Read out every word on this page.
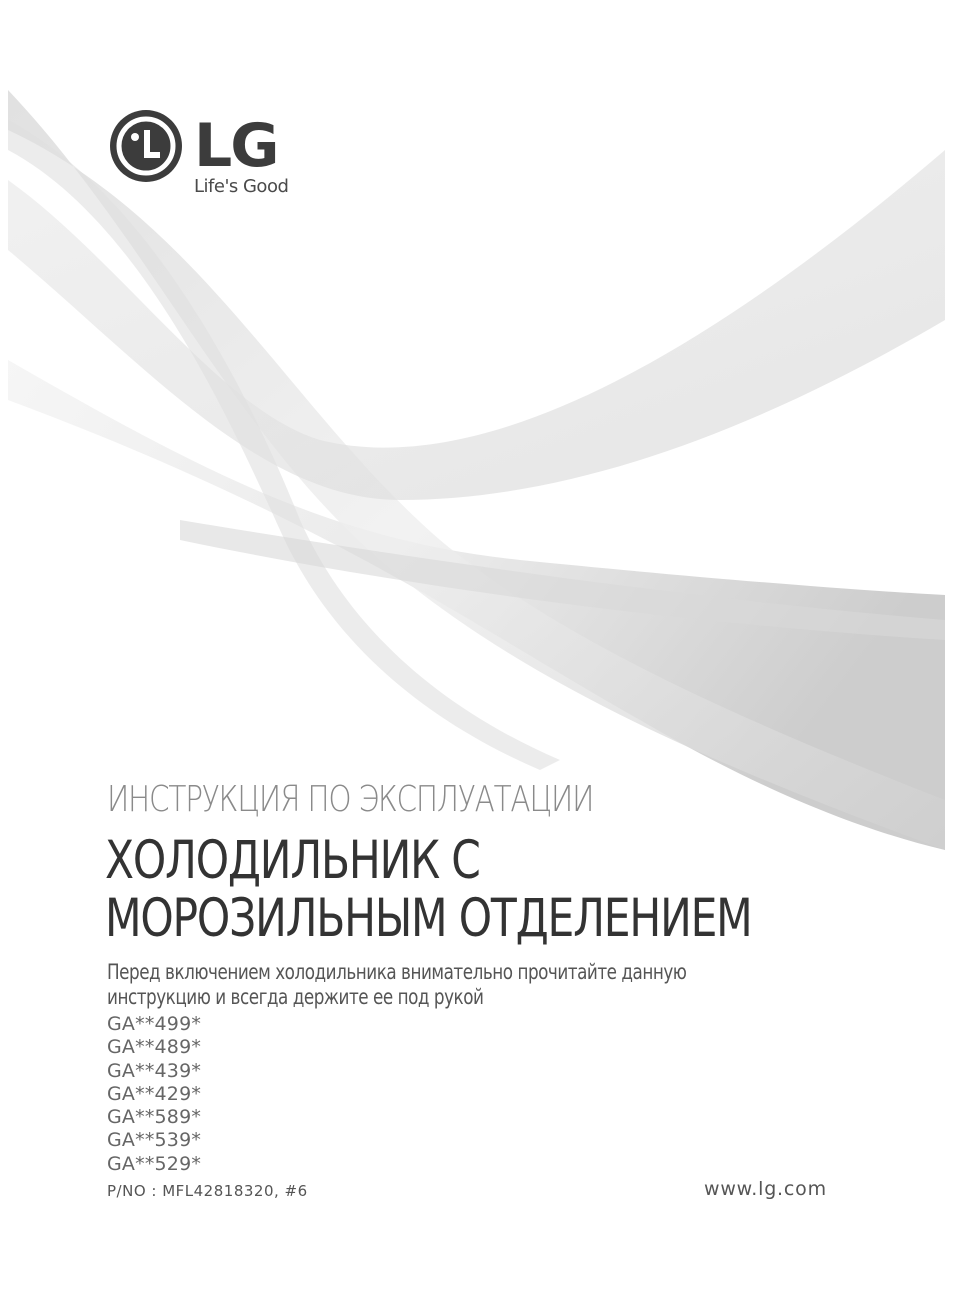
LG
Life's Good
ИНСТРУКЦИЯ ПО ЭКСПЛУАТАЦИИ
ХОЛОДИЛЬНИК С
МОРОЗИЛЬНЫМ ОТДЕЛЕНИЕМ

Перед включением холодильника внимательно прочитайте данную
инструкцию и всегда держите ее под рукой

GA**499*
GA**489*
GA**439*
GA**429*
GA**589*
GA**539*
GA**529*
P/NO : MFL42818320, #6	www.lg.com
